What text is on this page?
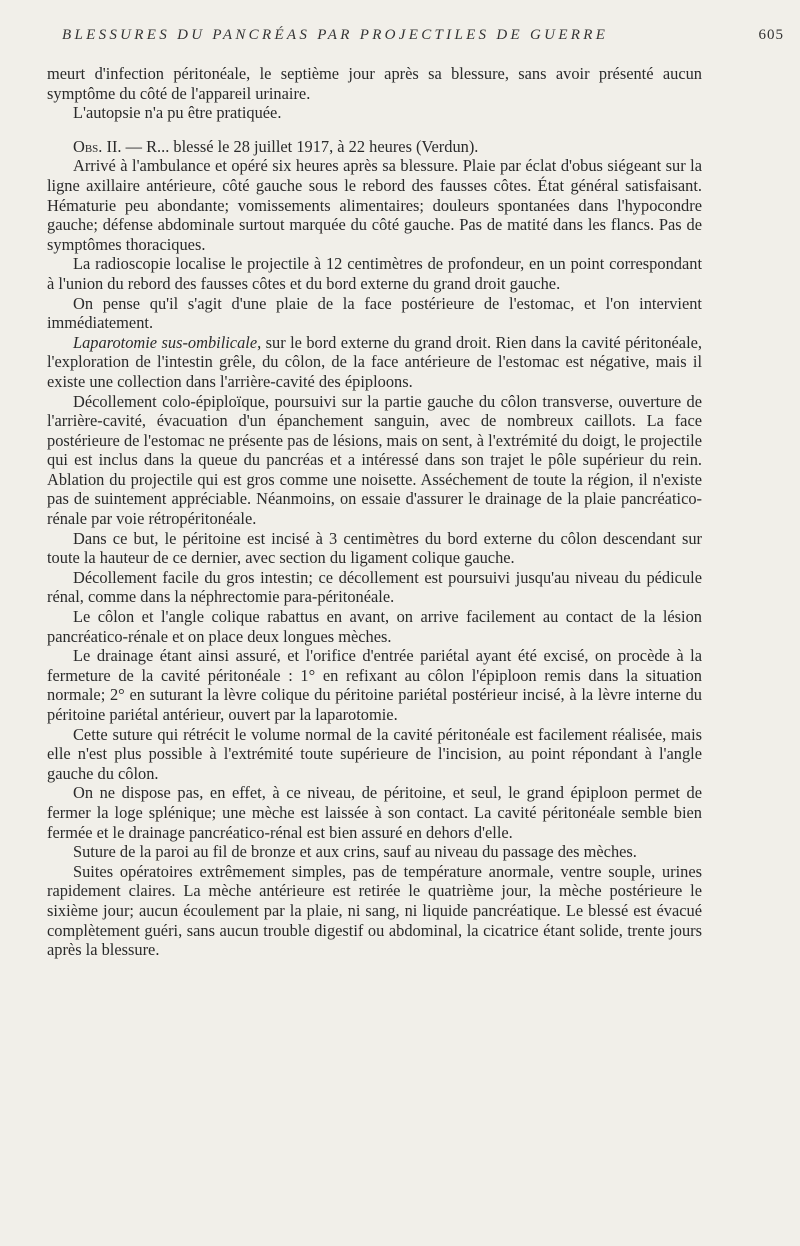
BLESSURES DU PANCRÉAS PAR PROJECTILES DE GUERRE	605

meurt d'infection péritonéale, le septième jour après sa blessure, sans avoir présenté aucun symptôme du côté de l'appareil urinaire.

L'autopsie n'a pu être pratiquée.

Obs. II. — R... blessé le 28 juillet 1917, à 22 heures (Verdun).

Arrivé à l'ambulance et opéré six heures après sa blessure. Plaie par éclat d'obus siégeant sur la ligne axillaire antérieure, côté gauche sous le rebord des fausses côtes. État général satisfaisant. Hématurie peu abondante; vomissements alimentaires; douleurs spontanées dans l'hypocondre gauche; défense abdominale surtout marquée du côté gauche. Pas de matité dans les flancs. Pas de symptômes thoraciques.

La radioscopie localise le projectile à 12 centimètres de profondeur, en un point correspondant à l'union du rebord des fausses côtes et du bord externe du grand droit gauche.

On pense qu'il s'agit d'une plaie de la face postérieure de l'estomac, et l'on intervient immédiatement.

Laparotomie sus-ombilicale, sur le bord externe du grand droit. Rien dans la cavité péritonéale, l'exploration de l'intestin grêle, du côlon, de la face antérieure de l'estomac est négative, mais il existe une collection dans l'arrière-cavité des épiploons.

Décollement colo-épiploïque, poursuivi sur la partie gauche du côlon transverse, ouverture de l'arrière-cavité, évacuation d'un épanchement sanguin, avec de nombreux caillots. La face postérieure de l'estomac ne présente pas de lésions, mais on sent, à l'extrémité du doigt, le projectile qui est inclus dans la queue du pancréas et a intéressé dans son trajet le pôle supérieur du rein. Ablation du projectile qui est gros comme une noisette. Asséchement de toute la région, il n'existe pas de suintement appréciable. Néanmoins, on essaie d'assurer le drainage de la plaie pancréatico-rénale par voie rétropéritonéale.

Dans ce but, le péritoine est incisé à 3 centimètres du bord externe du côlon descendant sur toute la hauteur de ce dernier, avec section du ligament colique gauche.

Décollement facile du gros intestin; ce décollement est poursuivi jusqu'au niveau du pédicule rénal, comme dans la néphrectomie para-péritonéale.

Le côlon et l'angle colique rabattus en avant, on arrive facilement au contact de la lésion pancréatico-rénale et on place deux longues mèches.

Le drainage étant ainsi assuré, et l'orifice d'entrée pariétal ayant été excisé, on procède à la fermeture de la cavité péritonéale : 1° en refixant au côlon l'épiploon remis dans la situation normale; 2° en suturant la lèvre colique du péritoine pariétal postérieur incisé, à la lèvre interne du péritoine pariétal antérieur, ouvert par la laparotomie.

Cette suture qui rétrécit le volume normal de la cavité péritonéale est facilement réalisée, mais elle n'est plus possible à l'extrémité toute supérieure de l'incision, au point répondant à l'angle gauche du côlon.

On ne dispose pas, en effet, à ce niveau, de péritoine, et seul, le grand épiploon permet de fermer la loge splénique; une mèche est laissée à son contact. La cavité péritonéale semble bien fermée et le drainage pancréatico-rénal est bien assuré en dehors d'elle.

Suture de la paroi au fil de bronze et aux crins, sauf au niveau du passage des mèches.

Suites opératoires extrêmement simples, pas de température anormale, ventre souple, urines rapidement claires. La mèche antérieure est retirée le quatrième jour, la mèche postérieure le sixième jour; aucun écoulement par la plaie, ni sang, ni liquide pancréatique. Le blessé est évacué complètement guéri, sans aucun trouble digestif ou abdominal, la cicatrice étant solide, trente jours après la blessure.
